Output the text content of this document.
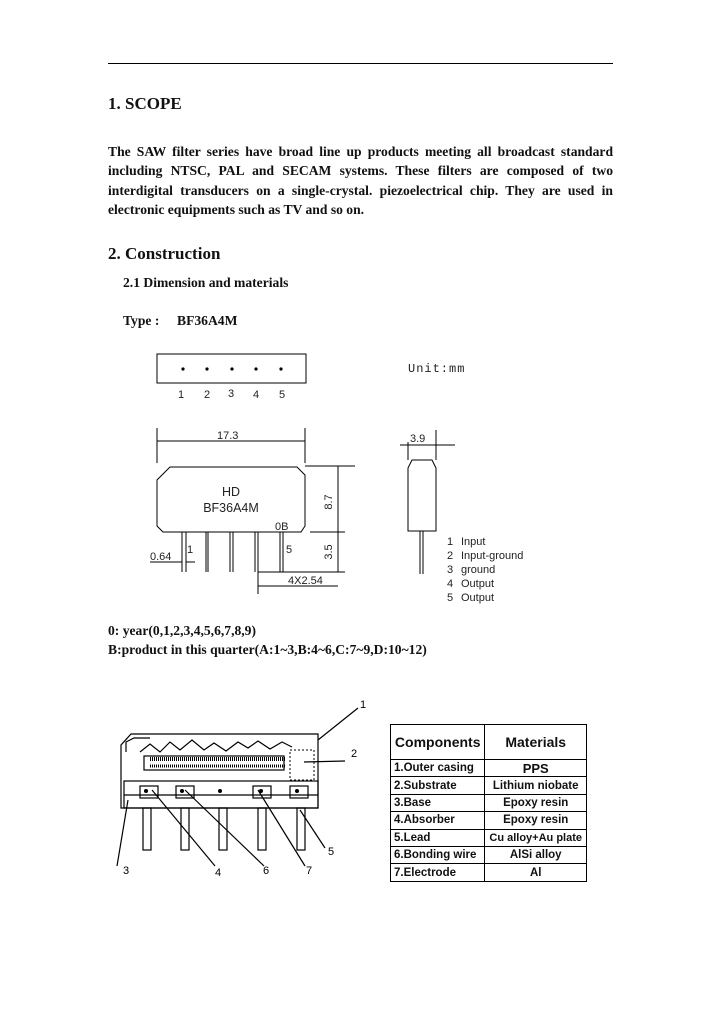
1. SCOPE
The SAW filter series have broad line up products meeting all broadcast standard including NTSC, PAL and SECAM systems. These filters are composed of two interdigital transducers on a single-crystal. piezoelectrical chip. They are used in electronic equipments such as TV and so on.
2. Construction
2.1 Dimension and materials
Type : BF36A4M
1 2 3 4 5
Unit:mm
17.3	3.9
8.7
3.5
0.64
4X2.54
HD
BF36A4M
0B
1	5
1 Input
2 Input-ground
3 ground
4 Output
5 Output
0: year(0,1,2,3,4,5,6,7,8,9)
B:product in this quarter(A:1~3,B:4~6,C:7~9,D:10~12)
1
2
3	4	6	7
5
Components	Materials
1.Outer casing	PPS
2.Substrate	Lithium niobate
3.Base	Epoxy resin
4.Absorber	Epoxy resin
5.Lead	Cu alloy+Au plate
6.Bonding wire	AlSi alloy
7.Electrode	Al
